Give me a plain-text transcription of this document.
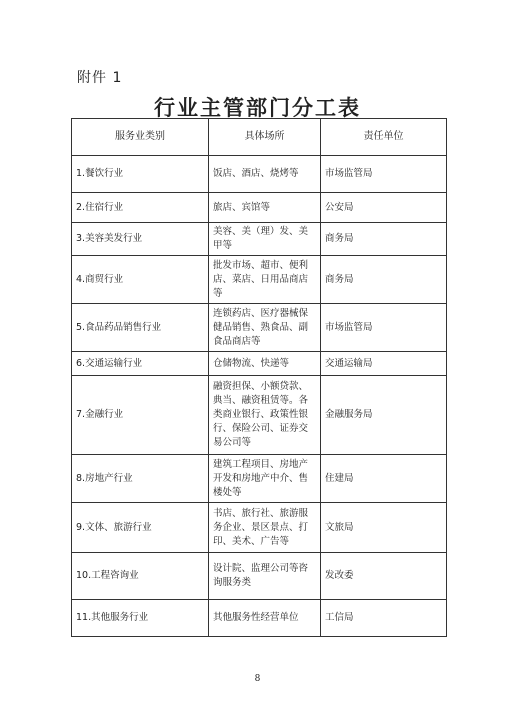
附件 1
行业主管部门分工表
服务业类别	具体场所	责任单位
1.餐饮行业	饭店、酒店、烧烤等	市场监管局
2.住宿行业	旅店、宾馆等	公安局
3.美容美发行业	美容、美（理）发、美甲等	商务局
4.商贸行业	批发市场、超市、便利店、菜店、日用品商店等	商务局
5.食品药品销售行业	连锁药店、医疗器械保健品销售、熟食品、副食品商店等	市场监管局
6.交通运输行业	仓储物流、快递等	交通运输局
7.金融行业	融资担保、小额贷款、典当、融资租赁等。各类商业银行、政策性银行、保险公司、证券交易公司等	金融服务局
8.房地产行业	建筑工程项目、房地产开发和房地产中介、售楼处等	住建局
9.文体、旅游行业	书店、旅行社、旅游服务企业、景区景点、打印、美术、广告等	文旅局
10.工程咨询业	设计院、监理公司等咨询服务类	发改委
11.其他服务行业	其他服务性经营单位	工信局
8
